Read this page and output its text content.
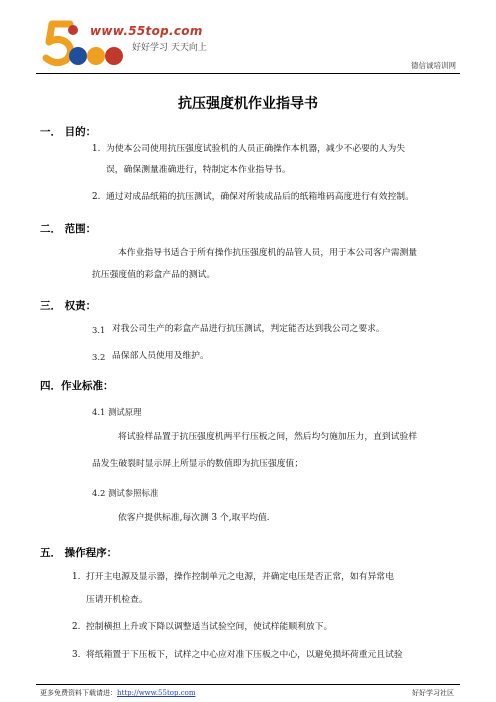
www.55top.com
好好学习 天天向上
德信诚培训网
抗压强度机作业指导书
一． 目的：
1. 为使本公司使用抗压强度试验机的人员正确操作本机器，减少不必要的人为失
误，确保测量准确进行，特制定本作业指导书。
2. 通过对成品纸箱的抗压测试，确保对所装成品后的纸箱堆码高度进行有效控制。
二． 范围：
本作业指导书适合于所有操作抗压强度机的品管人员，用于本公司客户需测量
抗压强度值的彩盒产品的测试。
三． 权责：
3.1 对我公司生产的彩盒产品进行抗压测试，判定能否达到我公司之要求。
3.2 品保部人员使用及维护。
四．作业标准：
4.1 测试原理
将试验样品置于抗压强度机两平行压板之间，然后均匀施加压力，直到试验样
品发生破裂时显示屏上所显示的数值即为抗压强度值；
4.2 测试参照标准
依客户提供标准,每次测 3 个,取平均值.
五． 操作程序：
1. 打开主电源及显示器，操作控制单元之电源，并确定电压是否正常，如有异常电
压请开机检查。
2. 控制横担上升或下降以调整适当试验空间，使试样能顺利放下。
3. 将纸箱置于下压板下，试样之中心应对准下压板之中心，以避免损坏荷重元且试验
更多免费资料下载请进：http://www.55top.com	好好学习社区
